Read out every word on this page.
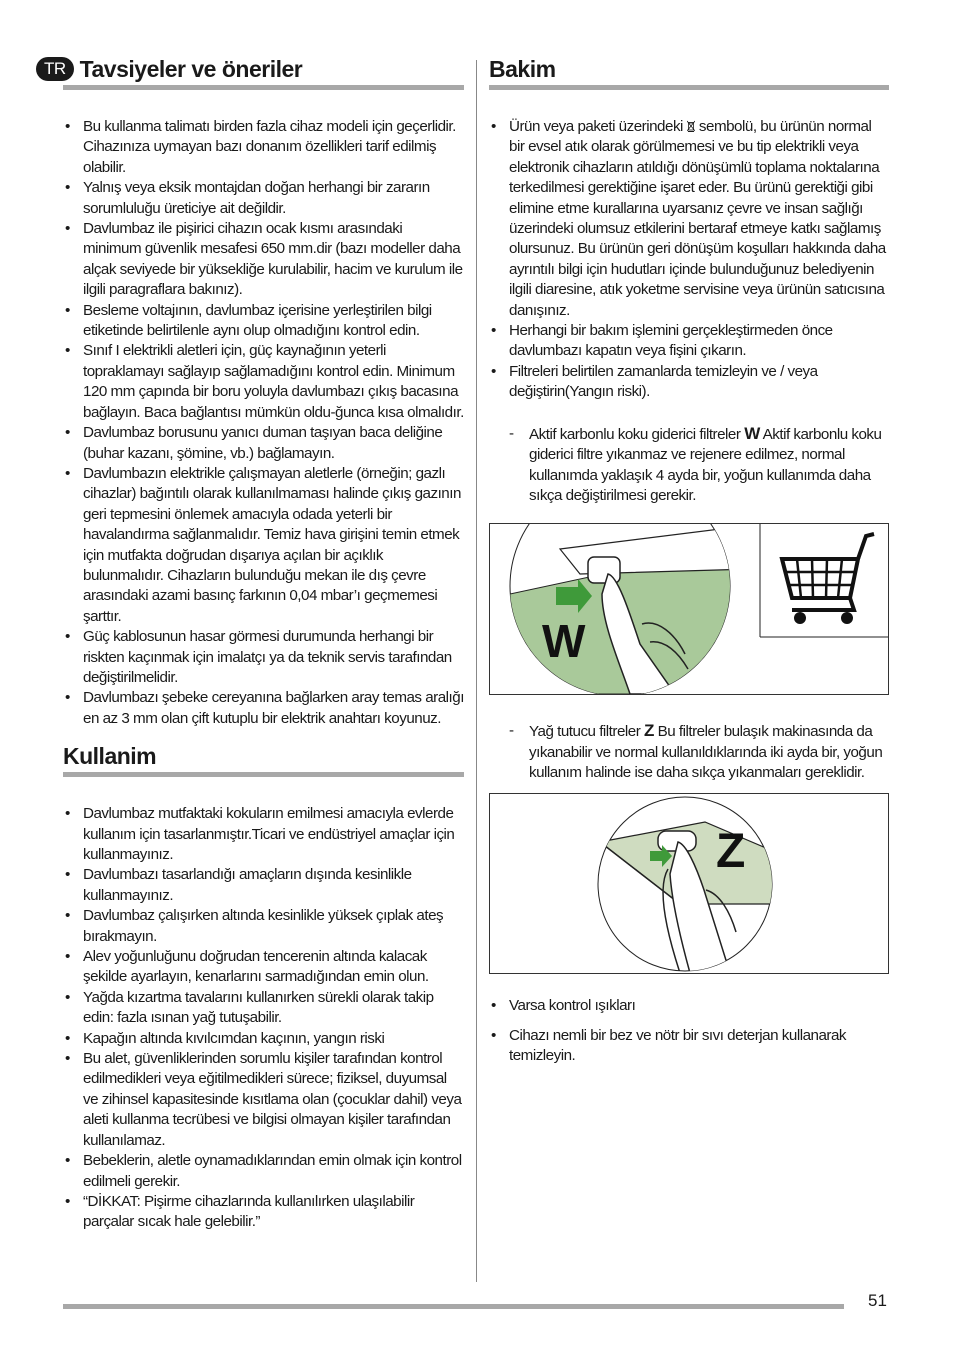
TR Tavsiyeler ve öneriler
• Bu kullanma talimatı birden fazla cihaz modeli için geçerlidir. Cihazınıza uymayan bazı donanım özellikleri tarif edilmiş olabilir.
• Yalnış veya eksik montajdan doğan herhangi bir zararın sorumluluğu üreticiye ait değildir.
• Davlumbaz ile pişirici cihazın ocak kısmı arasındaki minimum güvenlik mesafesi 650 mm.dir (bazı modeller daha alçak seviyede bir yüksekliğe kurulabilir, hacim ve kurulum ile ilgili paragraflara bakınız).
• Besleme voltajının, davlumbaz içerisine yerleştirilen bilgi etiketinde belirtilenle aynı olup olmadığını kontrol edin.
• Sınıf I elektrikli aletleri için, güç kaynağının yeterli topraklamayı sağlayıp sağlamadığını kontrol edin. Minimum 120 mm çapında bir boru yoluyla davlumbazı çıkış bacasına bağlayın. Baca bağlantısı mümkün oldu-ğunca kısa olmalıdır.
• Davlumbaz borusunu yanıcı duman taşıyan baca deliğine (buhar kazanı, şömine, vb.) bağlamayın.
• Davlumbazın elektrikle çalışmayan aletlerle (örneğin; gazlı cihazlar) bağıntılı olarak kullanılmaması halinde çıkış gazının geri tepmesini önlemek amacıyla odada yeterli bir havalandırma sağlanmalıdır. Temiz hava girişini temin etmek için mutfakta doğrudan dışarıya açılan bir açıklık bulunmalıdır. Cihazların bulunduğu mekan ile dış çevre arasındaki azami basınç farkının 0,04 mbar’ı geçmemesi şarttır.
• Güç kablosunun hasar görmesi durumunda herhangi bir riskten kaçınmak için imalatçı ya da teknik servis tarafından değiştirilmelidir.
• Davlumbazı şebeke cereyanına bağlarken aray temas aralığı en az 3 mm olan çift kutuplu bir elektrik anahtarı koyunuz.
Kullanim
• Davlumbaz mutfaktaki kokuların emilmesi amacıyla evlerde kullanım için tasarlanmıştır.Ticari ve endüstriyel amaçlar için kullanmayınız.
• Davlumbazı tasarlandığı amaçların dışında kesinlikle kullanmayınız.
• Davlumbaz çalışırken altında kesinlikle yüksek çıplak ateş bırakmayın.
• Alev yoğunluğunu doğrudan tencerenin altında kalacak şekilde ayarlayın, kenarlarını sarmadığından emin olun.
• Yağda kızartma tavalarını kullanırken sürekli olarak takip edin: fazla ısınan yağ tutuşabilir.
• Kapağın altında kıvılcımdan kaçının, yangın riski
• Bu alet, güvenliklerinden sorumlu kişiler tarafından kontrol edilmedikleri veya eğitilmedikleri sürece; fiziksel, duyumsal ve zihinsel kapasitesinde kısıtlama olan (çocuklar dahil) veya aleti kullanma tecrübesi ve bilgisi olmayan kişiler tarafından kullanılamaz.
• Bebeklerin, aletle oynamadıklarından emin olmak için kontrol edilmeli gerekir.
• “DİKKAT: Pişirme cihazlarında kullanılırken ulaşılabilir parçalar sıcak hale gelebilir.”
Bakim
• Ürün veya paketi üzerindeki sembolü, bu ürünün normal bir evsel atık olarak görülmemesi ve bu tip elektrikli veya elektronik cihazların atıldığı dönüşümlü toplama noktalarına terkedilmesi gerektiğine işaret eder. Bu ürünü gerektiği gibi elimine etme kurallarına uyarsanız çevre ve insan sağlığı üzerindeki olumsuz etkilerini bertaraf etmeye katkı sağlamış olursunuz. Bu ürünün geri dönüşüm koşulları hakkında daha ayrıntılı bilgi için hudutları içinde bulunduğunuz belediyenin ilgili diaresine, atık yoketme servisine veya ürünün satıcısına danışınız.
• Herhangi bir bakım işlemini gerçekleştirmeden önce davlumbazı kapatın veya fişini çıkarın.
• Filtreleri belirtilen zamanlarda temizleyin ve / veya değiştirin(Yangın riski).
- Aktif karbonlu koku giderici filtreler W Aktif karbonlu koku giderici filtre yıkanmaz ve rejenere edilmez, normal kullanımda yaklaşık 4 ayda bir, yoğun kullanımda daha sıkça değiştirilmesi gerekir.
W
- Yağ tutucu filtreler Z Bu filtreler bulaşık makinasında da yıkanabilir ve normal kullanıldıklarında iki ayda bir, yoğun kullanım halinde ise daha sıkça yıkanmaları gereklidir.
Z
• Varsa kontrol ışıkları
• Cihazı nemli bir bez ve nötr bir sıvı deterjan kullanarak temizleyin.
51
